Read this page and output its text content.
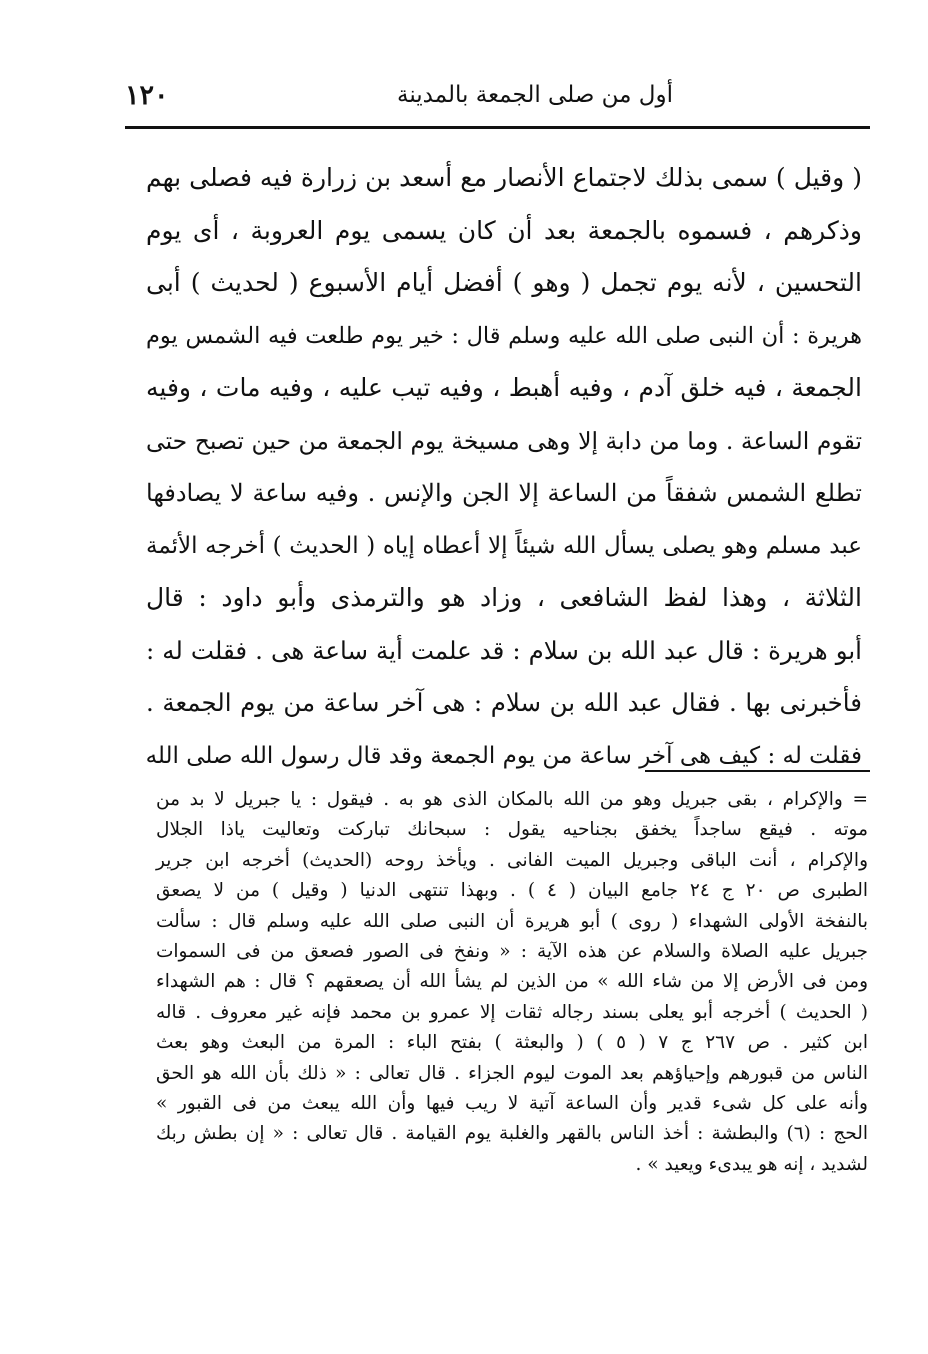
١٢٠	أول من صلى الجمعة بالمدينة
( وقيل ) سمى بذلك لاجتماع الأنصار مع أسعد بن زرارة فيه فصلى بهم
وذكرهم ، فسموه بالجمعة بعد أن كان يسمى يوم العروبة ، أى يوم
التحسين ، لأنه يوم تجمل ( وهو ) أفضل أيام الأسبوع ( لحديث ) أبى
هريرة : أن النبى صلى الله عليه وسلم قال : خير يوم طلعت فيه الشمس يوم
الجمعة ، فيه خلق آدم ، وفيه أهبط ، وفيه تيب عليه ، وفيه مات ، وفيه
تقوم الساعة . وما من دابة إلا وهى مسيخة يوم الجمعة من حين تصبح حتى
تطلع الشمس شفقاً من الساعة إلا الجن والإنس . وفيه ساعة لا يصادفها
عبد مسلم وهو يصلى يسأل الله شيئاً إلا أعطاه إياه ( الحديث ) أخرجه الأئمة
الثلاثة ، وهذا لفظ الشافعى ، وزاد هو والترمذى وأبو داود : قال
أبو هريرة : قال عبد الله بن سلام : قد علمت أية ساعة هى . فقلت له :
فأخبرنى بها . فقال عبد الله بن سلام : هى آخر ساعة من يوم الجمعة .
فقلت له : كيف هى آخر ساعة من يوم الجمعة وقد قال رسول الله صلى الله
= والإكرام ، بقى جبريل وهو من الله بالمكان الذى هو به . فيقول : يا جبريل لا بد من
موته . فيقع ساجداً يخفق بجناحيه يقول : سبحانك تباركت وتعاليت ياذا الجلال
والإكرام ، أنت الباقى وجبريل الميت الفانى . ويأخذ روحه (الحديث) أخرجه ابن جرير
الطبرى ص ٢٠ ج ٢٤ جامع البيان ( ٤ ) . وبهذا تنتهى الدنيا ( وقيل ) من لا يصعق
بالنفخة الأولى الشهداء ( روى ) أبو هريرة أن النبى صلى الله عليه وسلم قال : سألت
جبريل عليه الصلاة والسلام عن هذه الآية : « ونفخ فى الصور فصعق من فى السموات
ومن فى الأرض إلا من شاء الله » من الذين لم يشأ الله أن يصعقهم ؟ قال : هم الشهداء
( الحديث ) أخرجه أبو يعلى بسند رجاله ثقات إلا عمرو بن محمد فإنه غير معروف . قاله
ابن كثير . ص ٢٦٧ ج ٧ ( ٥ ) ( والبعثة ) بفتح الباء : المرة من البعث وهو بعث
الناس من قبورهم وإحياؤهم بعد الموت ليوم الجزاء . قال تعالى : « ذلك بأن الله هو الحق
وأنه على كل شىء قدير وأن الساعة آتية لا ريب فيها وأن الله يبعث من فى القبور »
الحج : (٦) والبطشة : أخذ الناس بالقهر والغلبة يوم القيامة . قال تعالى : « إن بطش ربك
لشديد ، إنه هو يبدىء ويعيد » .
